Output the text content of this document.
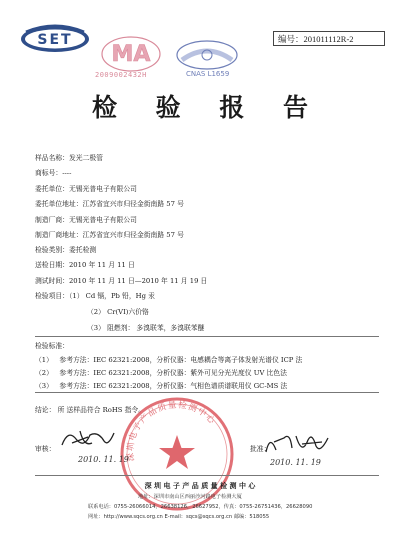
SET
MA
2009002432H	CNAS L1659
编号：201011112R-2
检 验 报 告
样品名称：发光二极管
商标号：----
委托单位：无锡光普电子有限公司
委托单位地址：江苏省宜兴市归径金街南路 57 号
制造厂商：无锡光普电子有限公司
制造厂商地址：江苏省宜兴市归径金街南路 57 号
检验类别：委托检测
送检日期：2010 年 11 月 11 日
测试时间：2010 年 11 月 11 日—2010 年 11 月 19 日
检验项目：（1） Cd 镉，Pb 铅，Hg 汞
（2） Cr(VI)六价铬
（3） 阻燃剂： 多溴联苯，多溴联苯醚
检验标准：
（1） 参考方法：IEC 62321:2008，分析仪器：电感耦合等离子体发射光谱仪 ICP 法
（2） 参考方法：IEC 62321:2008，分析仪器：紫外可见分光光度仪 UV 比色法
（3） 参考方法：IEC 62321:2008，分析仪器：气相色谱质谱联用仪 GC-MS 法
结论： 所 送样品符合 RoHS 指令。
深圳电子产品质量检测中心
审核：
2010. 11. 19
批准：
2010. 11. 19
深 圳 电 子 产 品 质 量 检 测 中 心
地址：深圳市南山区西丽沙河路电子检测大厦
联系电话：0755-26066014，26638126，26627952，传真：0755-26751436，26628090
网址：http://www.sqcs.org.cn E-mail：sqcs@sqcs.org.cn 邮编：518055
